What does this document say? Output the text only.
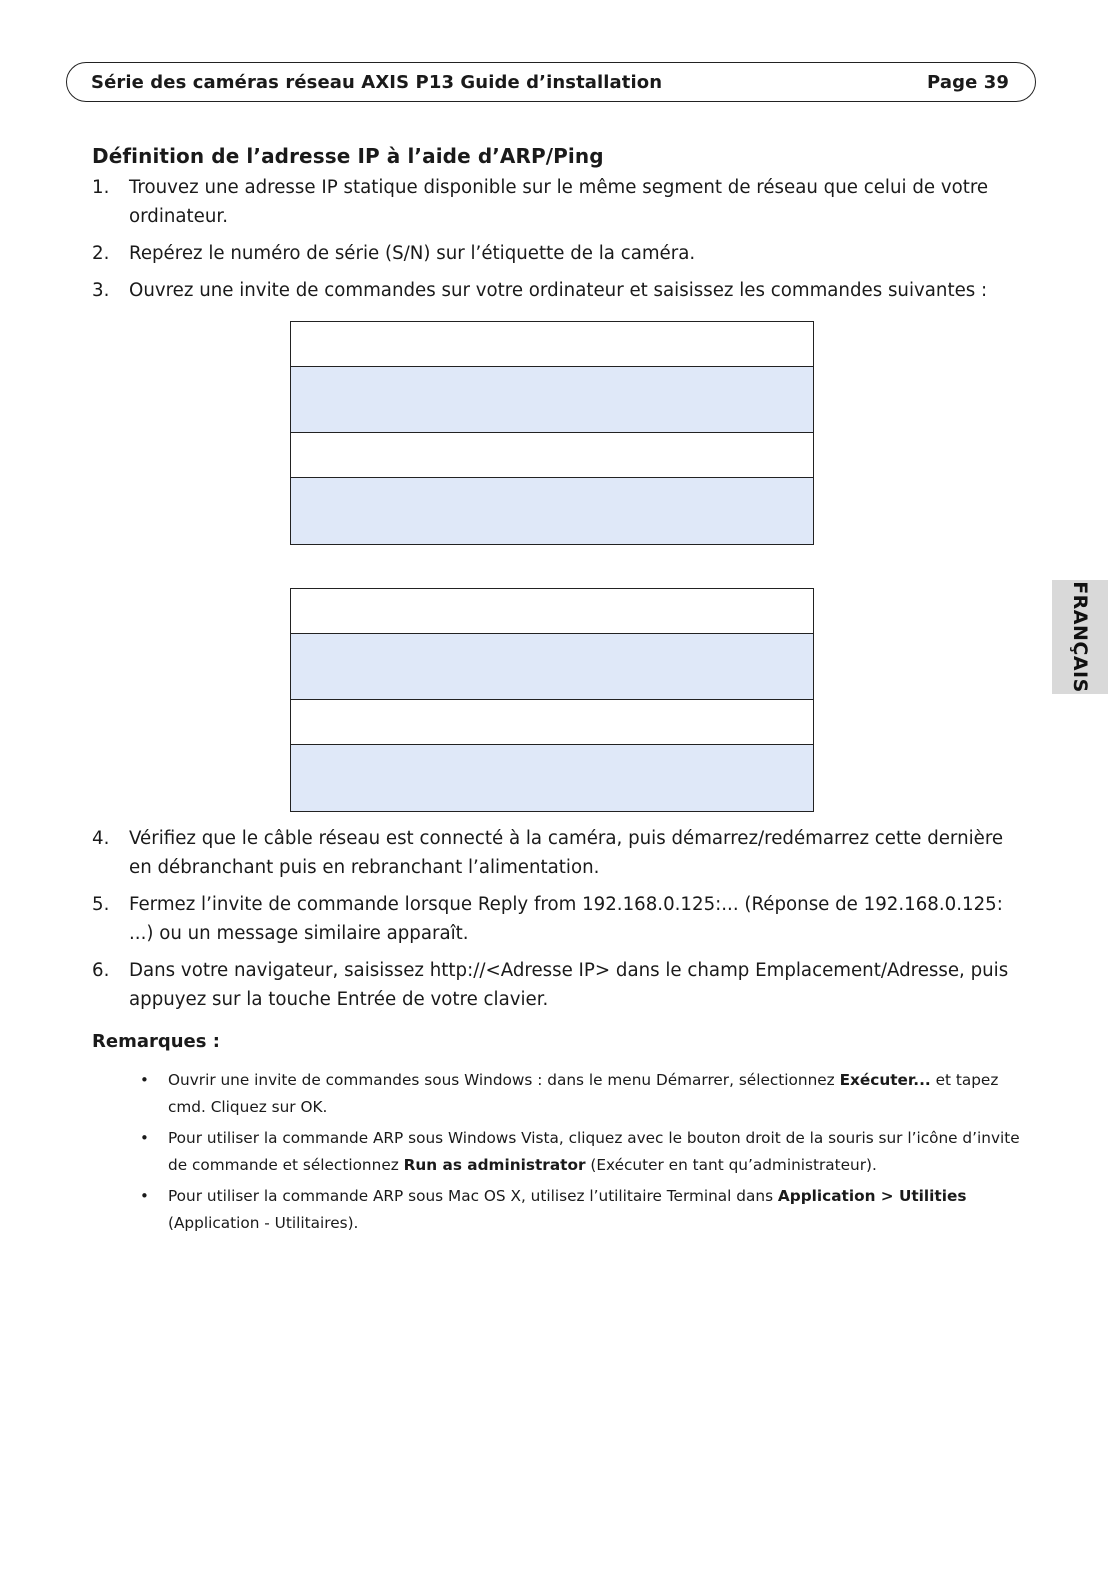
Série des caméras réseau AXIS P13 Guide d’installation	Page 39
Définition de l’adresse IP à l’aide d’ARP/Ping
1. Trouvez une adresse IP statique disponible sur le même segment de réseau que celui de votre ordinateur.
2. Repérez le numéro de série (S/N) sur l’étiquette de la caméra.
3. Ouvrez une invite de commandes sur votre ordinateur et saisissez les commandes suivantes :
FRANÇAIS
4. Vérifiez que le câble réseau est connecté à la caméra, puis démarrez/redémarrez cette dernière en débranchant puis en rebranchant l’alimentation.
5. Fermez l’invite de commande lorsque Reply from 192.168.0.125:... (Réponse de 192.168.0.125: ...) ou un message similaire apparaît.
6. Dans votre navigateur, saisissez http://<Adresse IP> dans le champ Emplacement/Adresse, puis appuyez sur la touche Entrée de votre clavier.
Remarques :
• Ouvrir une invite de commandes sous Windows : dans le menu Démarrer, sélectionnez Exécuter... et tapez cmd. Cliquez sur OK.
• Pour utiliser la commande ARP sous Windows Vista, cliquez avec le bouton droit de la souris sur l’icône d’invite de commande et sélectionnez Run as administrator (Exécuter en tant qu’administrateur).
• Pour utiliser la commande ARP sous Mac OS X, utilisez l’utilitaire Terminal dans Application > Utilities (Application - Utilitaires).
